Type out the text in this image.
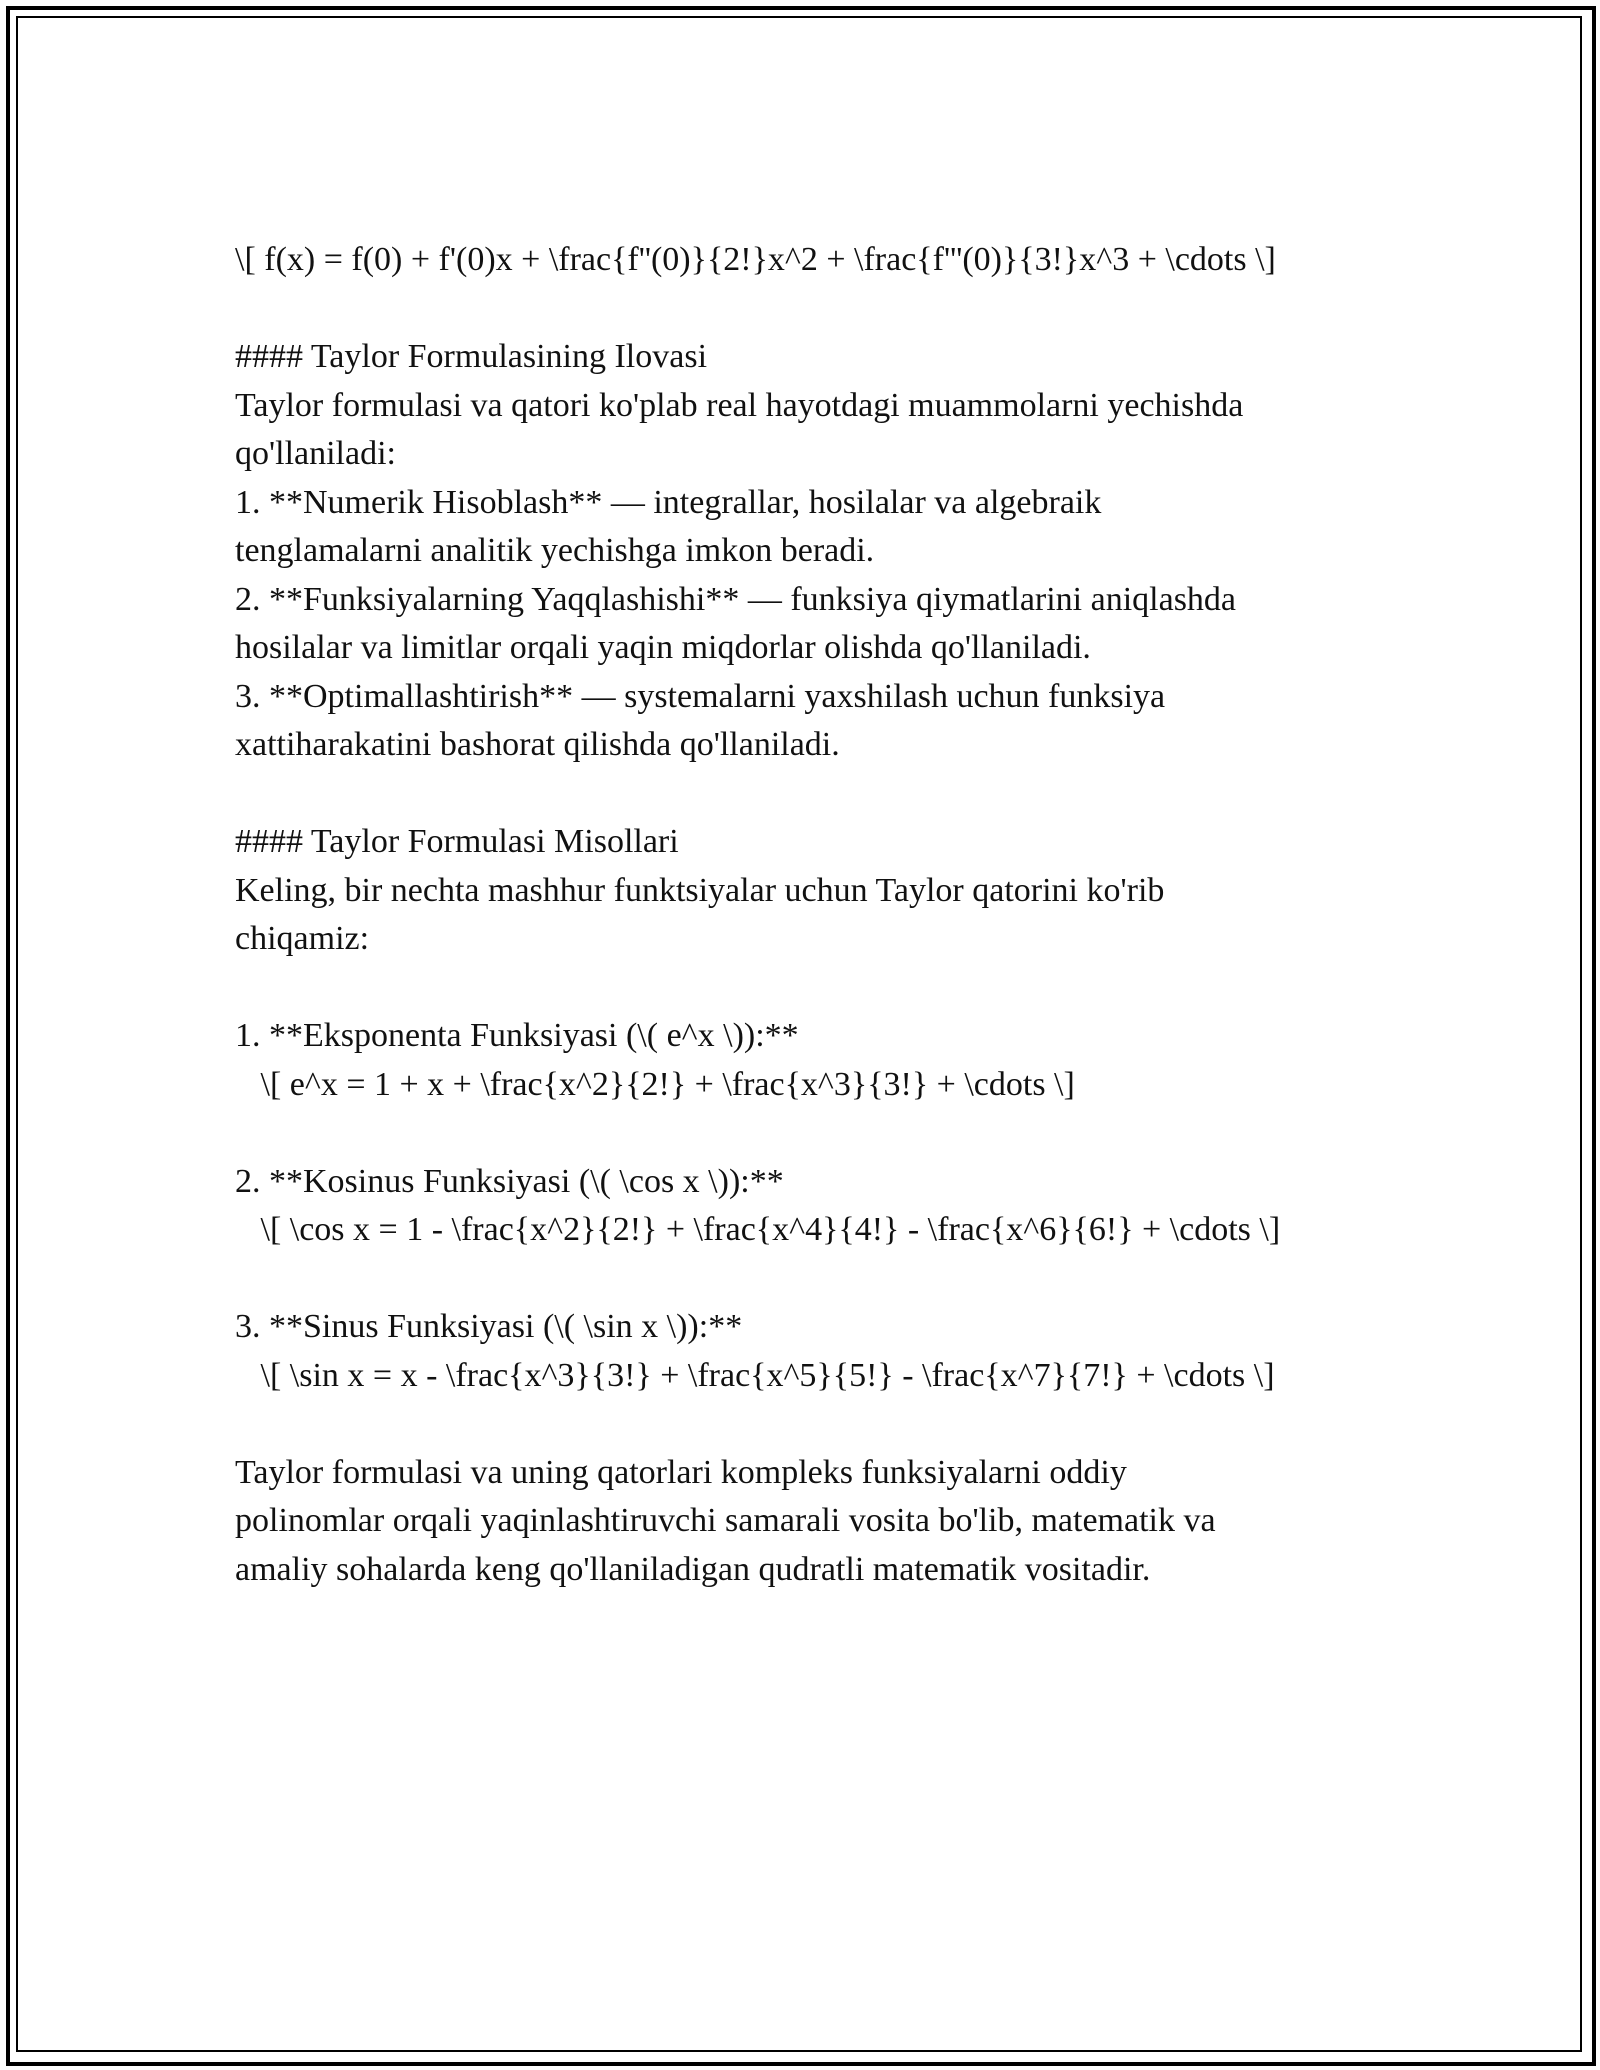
\[ f(x) = f(0) + f'(0)x + \frac{f''(0)}{2!}x^2 + \frac{f'''(0)}{3!}x^3 + \cdots \]
#### Taylor Formulasining Ilovasi
Taylor formulasi va qatori ko'plab real hayotdagi muammolarni yechishda
qo'llaniladi:
1. **Numerik Hisoblash** — integrallar, hosilalar va algebraik
tenglamalarni analitik yechishga imkon beradi.
2. **Funksiyalarning Yaqqlashishi** — funksiya qiymatlarini aniqlashda
hosilalar va limitlar orqali yaqin miqdorlar olishda qo'llaniladi.
3. **Optimallashtirish** — systemalarni yaxshilash uchun funksiya
xattiharakatini bashorat qilishda qo'llaniladi.
#### Taylor Formulasi Misollari
Keling, bir nechta mashhur funktsiyalar uchun Taylor qatorini ko'rib
chiqamiz:
1. **Eksponenta Funksiyasi (\( e^x \)):**
\[ e^x = 1 + x + \frac{x^2}{2!} + \frac{x^3}{3!} + \cdots \]
2. **Kosinus Funksiyasi (\( \cos x \)):**
\[ \cos x = 1 - \frac{x^2}{2!} + \frac{x^4}{4!} - \frac{x^6}{6!} + \cdots \]
3. **Sinus Funksiyasi (\( \sin x \)):**
\[ \sin x = x - \frac{x^3}{3!} + \frac{x^5}{5!} - \frac{x^7}{7!} + \cdots \]
Taylor formulasi va uning qatorlari kompleks funksiyalarni oddiy
polinomlar orqali yaqinlashtiruvchi samarali vosita bo'lib, matematik va
amaliy sohalarda keng qo'llaniladigan qudratli matematik vositadir.
